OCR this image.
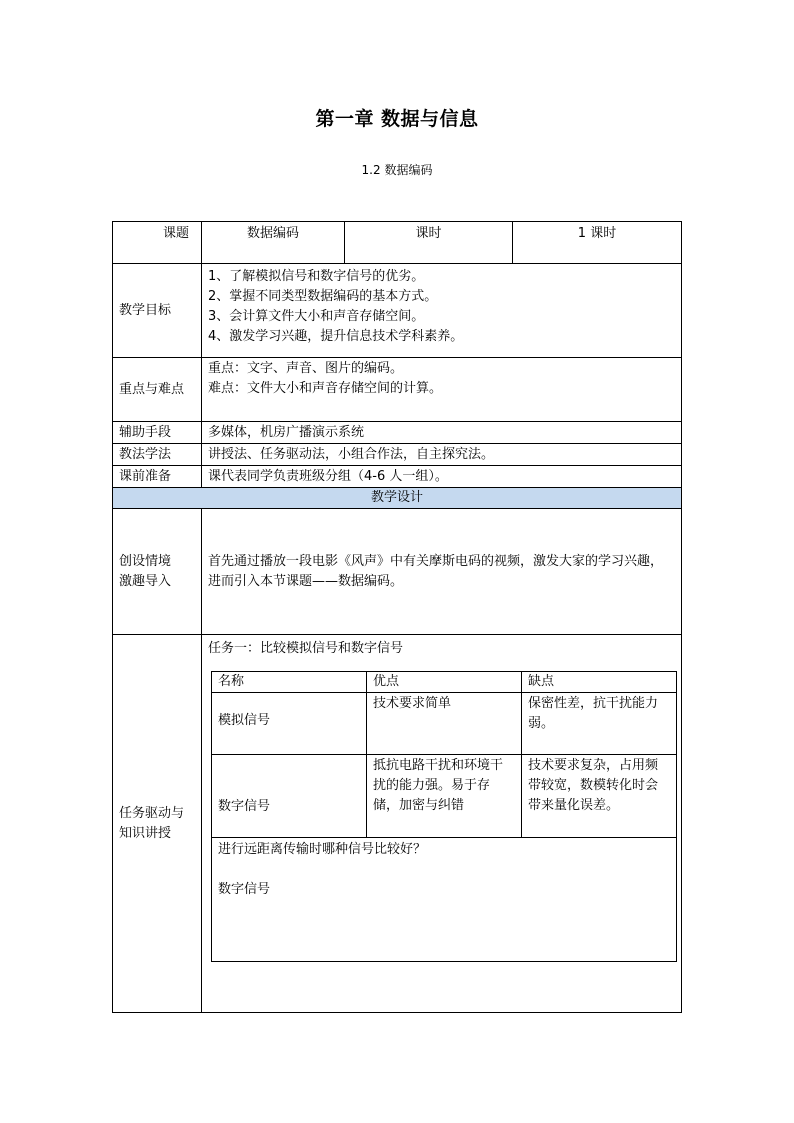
第一章 数据与信息
1.2 数据编码
课题	数据编码	课时	1 课时
教学目标	
1、了解模拟信号和数字信号的优劣。
2、掌握不同类型数据编码的基本方式。
3、会计算文件大小和声音存储空间。
4、激发学习兴趣，提升信息技术学科素养。

重点与难点	
重点：文字、声音、图片的编码。
难点：文件大小和声音存储空间的计算。

辅助手段	多媒体，机房广播演示系统
教法学法	讲授法、任务驱动法，小组合作法，自主探究法。
课前准备	课代表同学负责班级分组（4-6 人一组）。
教学设计

创设情境
激趣导入
	首先通过播放一段电影《风声》中有关摩斯电码的视频，激发大家的学习兴趣，进而引入本节课题——数据编码。

任务驱动与
知识讲授

任务一：比较模拟信号和数字信号
名称	优点	缺点
模拟信号	技术要求简单	保密性差，抗干扰能力弱。
数字信号	抵抗电路干扰和环境干扰的能力强。易于存储，加密与纠错	技术要求复杂，占用频带较宽，数模转化时会带来量化误差。

进行远距离传输时哪种信号比较好？
数字信号
